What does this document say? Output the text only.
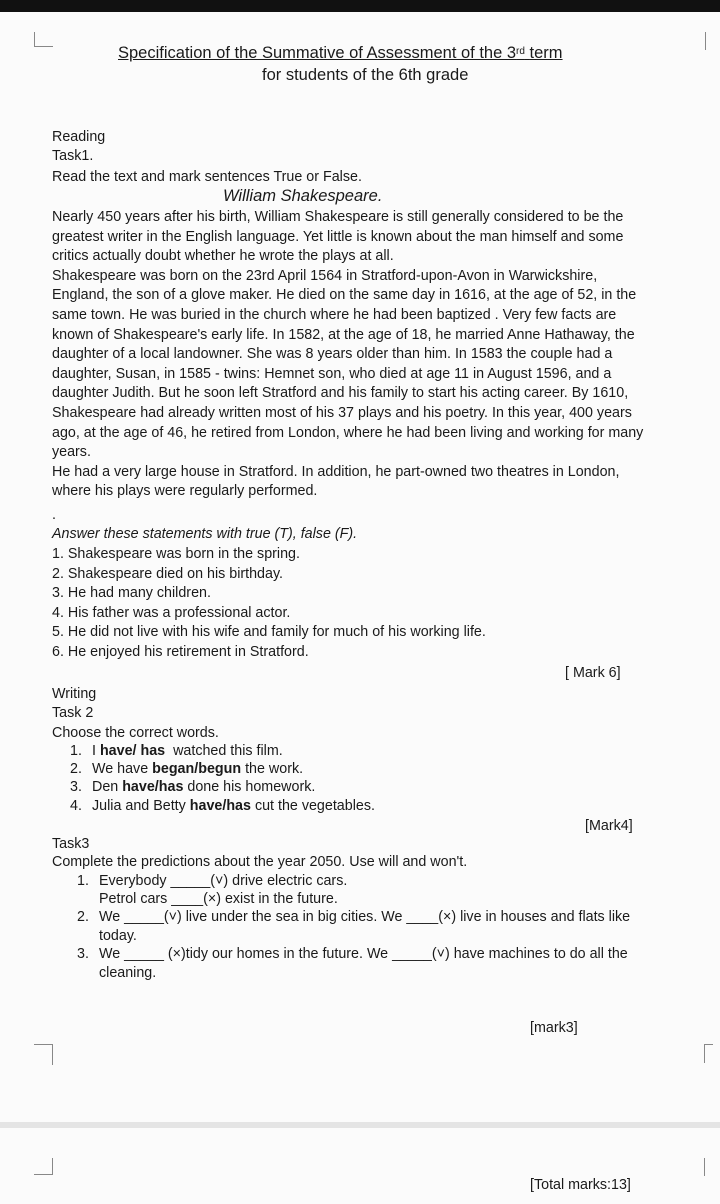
Specification of the Summative of Assessment of the 3rd term
for students of the 6th grade
Reading
Task1.
Read the text and mark sentences True or False.
William Shakespeare.
Nearly 450 years after his birth, William Shakespeare is still generally considered to be the
greatest writer in the English language. Yet little is known about the man himself and some
critics actually doubt whether he wrote the plays at all.
Shakespeare was born on the 23rd April 1564 in Stratford-upon-Avon in Warwickshire,
England, the son of a glove maker. He died on the same day in 1616, at the age of 52, in the
same town. He was buried in the church where he had been baptized . Very few facts are
known of Shakespeare's early life. In 1582, at the age of 18, he married Anne Hathaway, the
daughter of a local landowner. She was 8 years older than him. In 1583 the couple had a
daughter, Susan, in 1585 - twins: Hemnet son, who died at age 11 in August 1596, and a
daughter Judith. But he soon left Stratford and his family to start his acting career. By 1610,
Shakespeare had already written most of his 37 plays and his poetry. In this year, 400 years
ago, at the age of 46, he retired from London, where he had been living and working for many
years.
He had a very large house in Stratford. In addition, he part-owned two theatres in London,
where his plays were regularly performed.
.
Answer these statements with true (T), false (F).
1. Shakespeare was born in the spring.
2. Shakespeare died on his birthday.
3. He had many children.
4. His father was a professional actor.
5. He did not live with his wife and family for much of his working life.
6. He enjoyed his retirement in Stratford.
[ Mark 6]
Writing
Task 2
Choose the correct words.
1. I have/ has  watched this film.
2. We have began/begun the work.
3. Den have/has done his homework.
4. Julia and Betty have/has cut the vegetables.
[Mark4]
Task3
Complete the predictions about the year 2050. Use will and won't.
1. Everybody _____(˅) drive electric cars.
Petrol cars ____(×) exist in the future.
2. We _____(˅) live under the sea in big cities. We ____(×) live in houses and flats like
today.
3. We _____ (×)tidy our homes in the future. We _____(˅) have machines to do all the
cleaning.
[mark3]
[Total marks:13]
